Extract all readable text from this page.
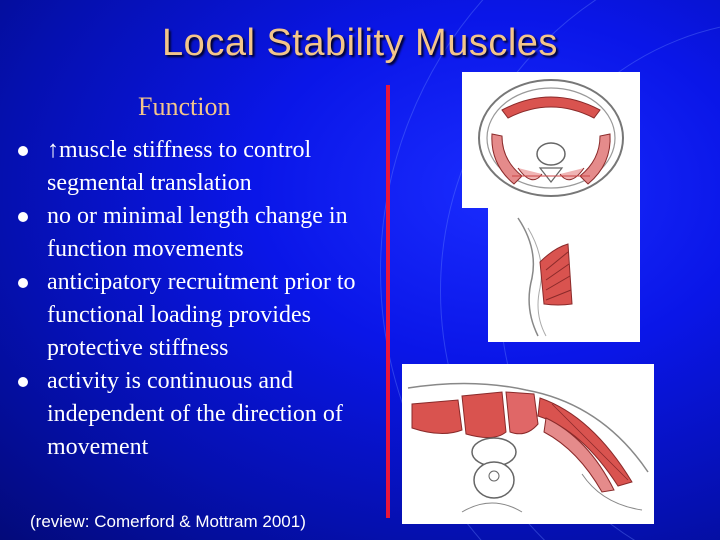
Local Stability Muscles
Function
↑muscle stiffness to control segmental translation
no or minimal length change in function movements
anticipatory recruitment prior to functional loading provides protective stiffness
activity is continuous and independent of the direction of movement
(review: Comerford & Mottram 2001)
